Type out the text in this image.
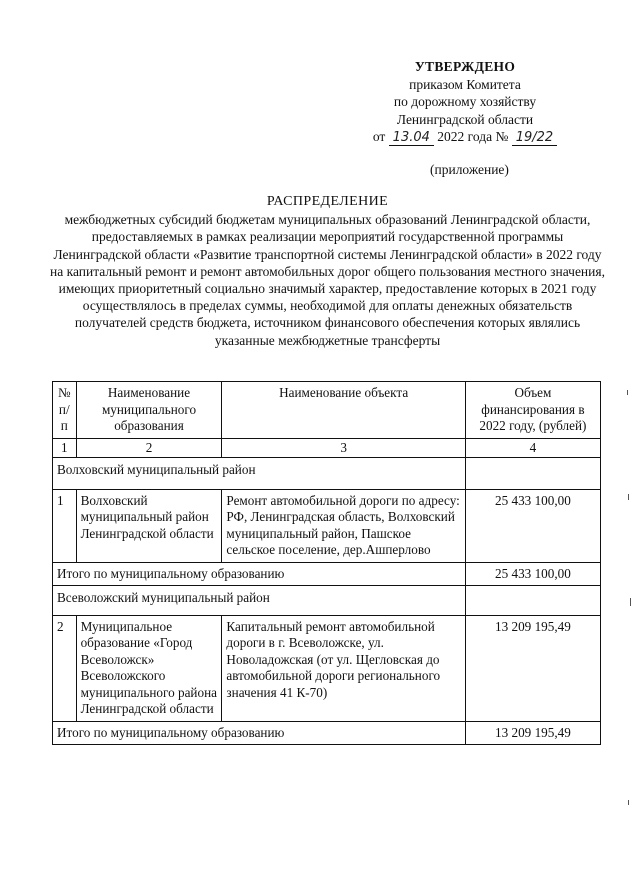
УТВЕРЖДЕНО
приказом Комитета
по дорожному хозяйству
Ленинградской области
от 13.04 2022 года № 19/22
(приложение)
РАСПРЕДЕЛЕНИЕ
межбюджетных субсидий бюджетам муниципальных образований Ленинградской области, предоставляемых в рамках реализации мероприятий государственной программы Ленинградской области «Развитие транспортной системы Ленинградской области» в 2022 году на капитальный ремонт и ремонт автомобильных дорог общего пользования местного значения, имеющих приоритетный социально значимый характер, предоставление которых в 2021 году осуществлялось в пределах суммы, необходимой для оплаты денежных обязательств получателей средств бюджета, источником финансового обеспечения которых являлись указанные межбюджетные трансферты
№ п/п	Наименование муниципального образования	Наименование объекта	Объем финансирования в 2022 году, (рублей)
1	2	3	4
Волховский муниципальный район			
1	Волховский муниципальный район Ленинградской области	Ремонт автомобильной дороги по адресу: РФ, Ленинградская область, Волховский муниципальный район, Пашское сельское поселение, дер.Ашперлово	25 433 100,00
Итого по муниципальному образованию			25 433 100,00
Всеволожский муниципальный район			
2	Муниципальное образование «Город Всеволожск» Всеволожского муниципального района Ленинградской области	Капитальный ремонт автомобильной дороги в г. Всеволожске, ул. Новоладожская (от ул. Щегловская до автомобильной дороги регионального значения 41 К-70)	13 209 195,49
Итого по муниципальному образованию			13 209 195,49
